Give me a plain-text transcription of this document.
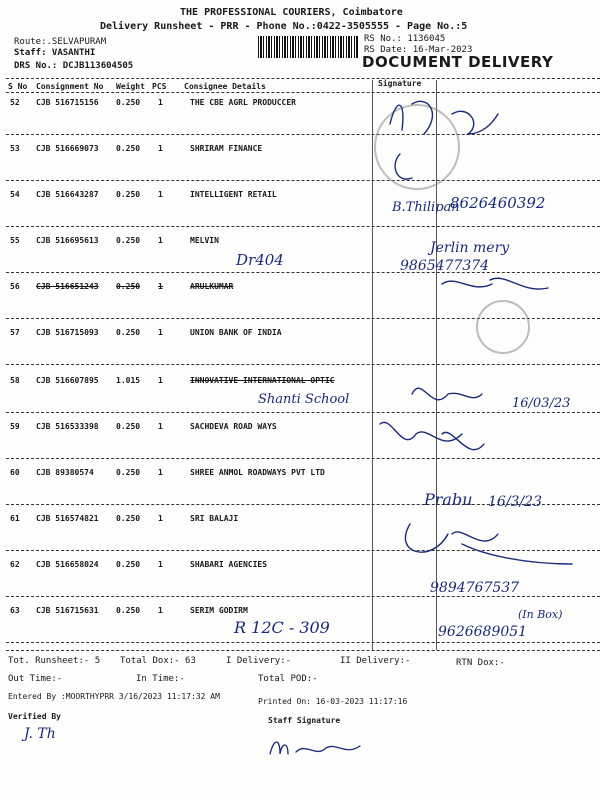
THE PROFESSIONAL COURIERS, Coimbatore
Delivery Runsheet - PRR - Phone No.:0422-3505555 - Page No.:5
Route:.SELVAPURAM
Staff: VASANTHI
DRS No.: DCJB113604505
RS No.: 1136045
RS Date: 16-Mar-2023
DOCUMENT DELIVERY
S No Consignment No Weight PCS Consignee Details	Signature
52 CJB 516715156 0.250 1	THE CBE AGRL PRODUCCER
53 CJB 516669073 0.250 1	SHRIRAM FINANCE
54 CJB 516643287 0.250 1	INTELLIGENT RETAIL
55 CJB 516695613 0.250 1	MELVIN
56 CJB 516651243 0.250 1	ARULKUMAR
57 CJB 516715093 0.250 1	UNION BANK OF INDIA
58 CJB 516607895 1.015 1	INNOVATIVE INTERNATIONAL OPTIC
59 CJB 516533398 0.250 1	SACHDEVA ROAD WAYS
60 CJB 89380574	0.250 1	SHREE ANMOL ROADWAYS PVT LTD
61 CJB 516574821 0.250 1	SRI BALAJI
62 CJB 516658024 0.250 1	SHABARI AGENCIES
63 CJB 516715631 0.250 1	SERIM GODIRM
Dr404
Shanti School
R 12C - 309
B.Thilipan
8626460392
Jerlin mery
9865477374
16/03/23
Prabu 16/3/23
9894767537
(In Box)
9626689051
Tot. Runsheet:- 5 Total Dox:- 63	I Delivery:-	II Delivery:-	RTN Dox:-
Out Time:-	In Time:-	Total POD:-
Entered By :MOORTHYPRR 3/16/2023 11:17:32 AM
Printed On: 16-03-2023 11:17:16
Verified By	Staff Signature
J. Th
